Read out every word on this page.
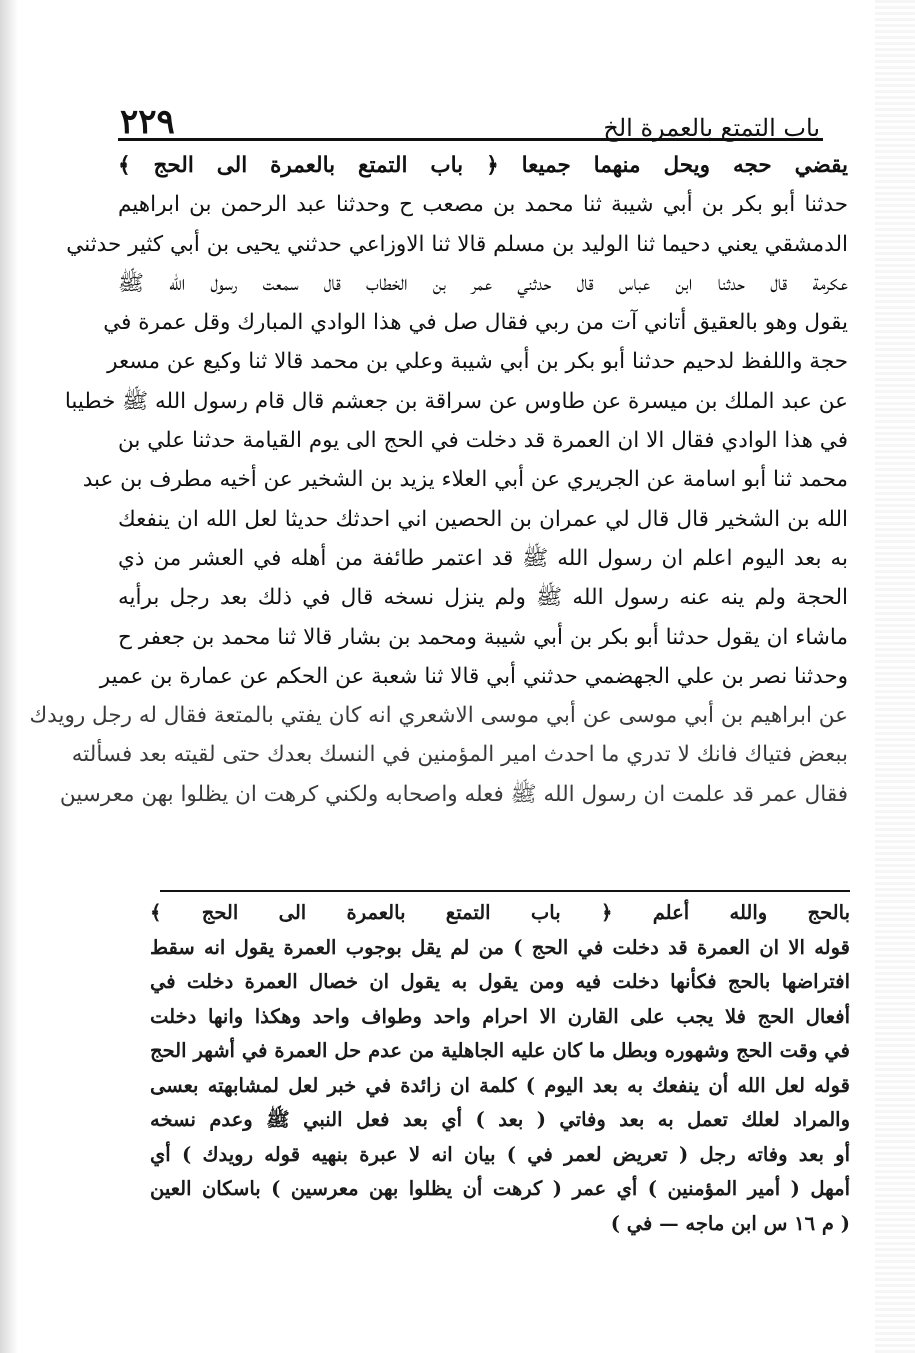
٢٢٩	باب التمتع بالعمرة الخ
يقضي حجه ويحل منهما جميعا ﴿ باب التمتع بالعمرة الى الحج ﴾
حدثنا أبو بكر بن أبي شيبة ثنا محمد بن مصعب ح وحدثنا عبد الرحمن بن ابراهيم
الدمشقي يعني دحيما ثنا الوليد بن مسلم قالا ثنا الاوزاعي حدثني يحيى بن أبي كثير حدثني
عكرمة قال حدثنا ابن عباس قال حدثني عمر بن الخطاب قال سمعت رسول الله ﷺ
يقول وهو بالعقيق أتاني آت من ربي فقال صل في هذا الوادي المبارك وقل عمرة في
حجة واللفظ لدحيم حدثنا أبو بكر بن أبي شيبة وعلي بن محمد قالا ثنا وكيع عن مسعر
عن عبد الملك بن ميسرة عن طاوس عن سراقة بن جعشم قال قام رسول الله ﷺ خطيبا
في هذا الوادي فقال الا ان العمرة قد دخلت في الحج الى يوم القيامة حدثنا علي بن
محمد ثنا أبو اسامة عن الجريري عن أبي العلاء يزيد بن الشخير عن أخيه مطرف بن عبد
الله بن الشخير قال قال لي عمران بن الحصين اني احدثك حديثا لعل الله ان ينفعك
به بعد اليوم اعلم ان رسول الله ﷺ قد اعتمر طائفة من أهله في العشر من ذي
الحجة ولم ينه عنه رسول الله ﷺ ولم ينزل نسخه قال في ذلك بعد رجل برأيه
ماشاء ان يقول حدثنا أبو بكر بن أبي شيبة ومحمد بن بشار قالا ثنا محمد بن جعفر ح
وحدثنا نصر بن علي الجهضمي حدثني أبي قالا ثنا شعبة عن الحكم عن عمارة بن عمير
عن ابراهيم بن أبي موسى عن أبي موسى الاشعري انه كان يفتي بالمتعة فقال له رجل رويدك
ببعض فتياك فانك لا تدري ما احدث امير المؤمنين في النسك بعدك حتى لقيته بعد فسألته
فقال عمر قد علمت ان رسول الله ﷺ فعله واصحابه ولكني كرهت ان يظلوا بهن معرسين
بالحج والله أعلم ﴿ باب التمتع بالعمرة الى الحج ﴾
قوله الا ان العمرة قد دخلت في الحج ) من لم يقل بوجوب العمرة يقول انه سقط
افتراضها بالحج فكأنها دخلت فيه ومن يقول به يقول ان خصال العمرة دخلت في
أفعال الحج فلا يجب على القارن الا احرام واحد وطواف واحد وهكذا وانها دخلت
في وقت الحج وشهوره وبطل ما كان عليه الجاهلية من عدم حل العمرة في أشهر الحج
قوله لعل الله أن ينفعك به بعد اليوم ) كلمة ان زائدة في خبر لعل لمشابهته بعسى
والمراد لعلك تعمل به بعد وفاتي ( بعد ) أي بعد فعل النبي ﷺ وعدم نسخه
أو بعد وفاته رجل ( تعريض لعمر في ) بيان انه لا عبرة بنهيه قوله رويدك ) أي
أمهل ( أمير المؤمنين ) أي عمر ( كرهت أن يظلوا بهن معرسين ) باسكان العين
( م ١٦ س ابن ماجه — في )
